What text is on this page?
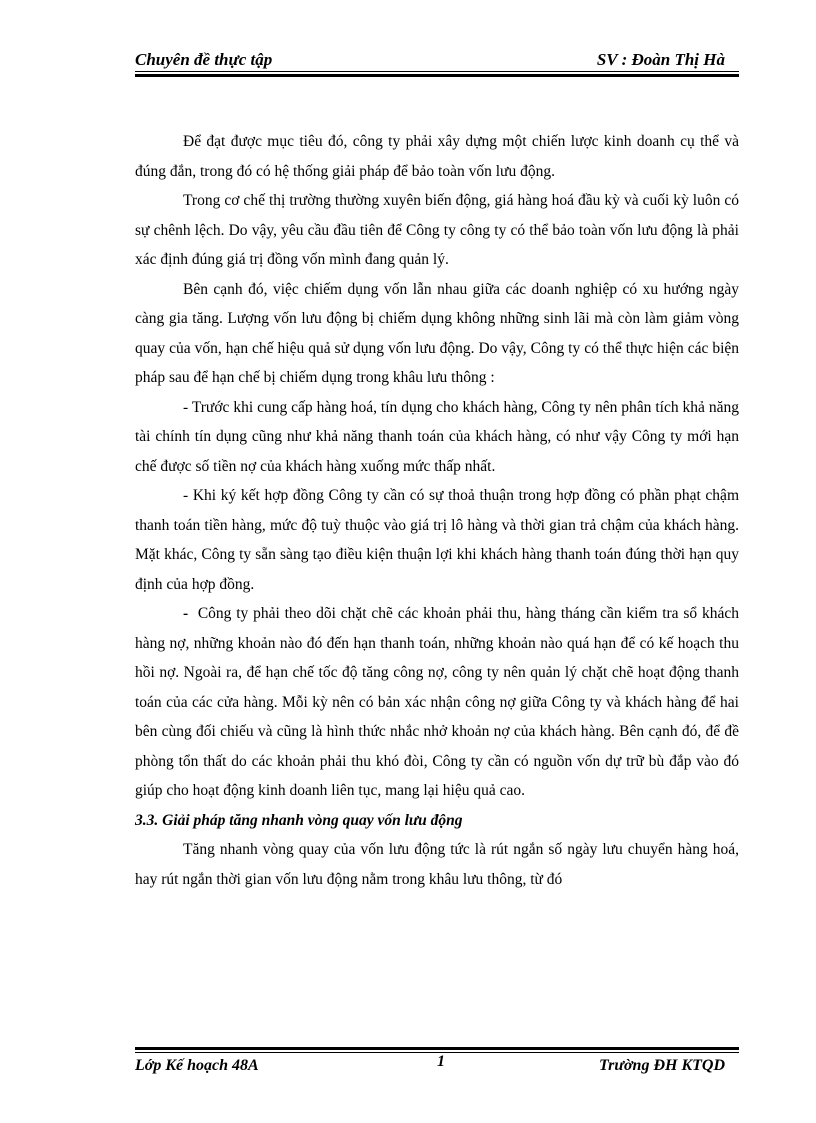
Chuyên đề thực tập	SV : Đoàn Thị Hà

Để đạt được mục tiêu đó, công ty phải xây dựng một chiến lược kinh doanh cụ thể và đúng đắn, trong đó có hệ thống giải pháp để bảo toàn vốn lưu động.

Trong cơ chế thị trường thường xuyên biến động, giá hàng hoá đầu kỳ và cuối kỳ luôn có sự chênh lệch. Do vậy, yêu cầu đầu tiên để Công ty công ty có thể bảo toàn vốn lưu động là phải xác định đúng giá trị đồng vốn mình đang quản lý.

Bên cạnh đó, việc chiếm dụng vốn lẫn nhau giữa các doanh nghiệp có xu hướng ngày càng gia tăng. Lượng vốn lưu động bị chiếm dụng không những sinh lãi mà còn làm giảm vòng quay của vốn, hạn chế hiệu quả sử dụng vốn lưu động. Do vậy, Công ty có thể thực hiện các biện pháp sau để hạn chế bị chiếm dụng trong khâu lưu thông :

- Trước khi cung cấp hàng hoá, tín dụng cho khách hàng, Công ty nên phân tích khả năng tài chính tín dụng cũng như khả năng thanh toán của khách hàng, có như vậy Công ty mới hạn chế được số tiền nợ của khách hàng xuống mức thấp nhất.

- Khi ký kết hợp đồng Công ty cần có sự thoả thuận trong hợp đồng có phần phạt chậm thanh toán tiền hàng, mức độ tuỳ thuộc vào giá trị lô hàng và thời gian trả chậm của khách hàng. Mặt khác, Công ty sẵn sàng tạo điều kiện thuận lợi khi khách hàng thanh toán đúng thời hạn quy định của hợp đồng.

- Công ty phải theo dõi chặt chẽ các khoản phải thu, hàng tháng cần kiểm tra sổ khách hàng nợ, những khoản nào đó đến hạn thanh toán, những khoản nào quá hạn để có kế hoạch thu hồi nợ. Ngoài ra, để hạn chế tốc độ tăng công nợ, công ty nên quản lý chặt chẽ hoạt động thanh toán của các cửa hàng. Mỗi kỳ nên có bản xác nhận công nợ giữa Công ty và khách hàng để hai bên cùng đối chiếu và cũng là hình thức nhắc nhở khoản nợ của khách hàng. Bên cạnh đó, để đề phòng tổn thất do các khoản phải thu khó đòi, Công ty cần có nguồn vốn dự trữ bù đắp vào đó giúp cho hoạt động kinh doanh liên tục, mang lại hiệu quả cao.

3.3. Giải pháp tăng nhanh vòng quay vốn lưu động

Tăng nhanh vòng quay của vốn lưu động tức là rút ngắn số ngày lưu chuyển hàng hoá, hay rút ngắn thời gian vốn lưu động nằm trong khâu lưu thông, từ đó

Lớp Kế hoạch 48A	1	Trường ĐH KTQD
